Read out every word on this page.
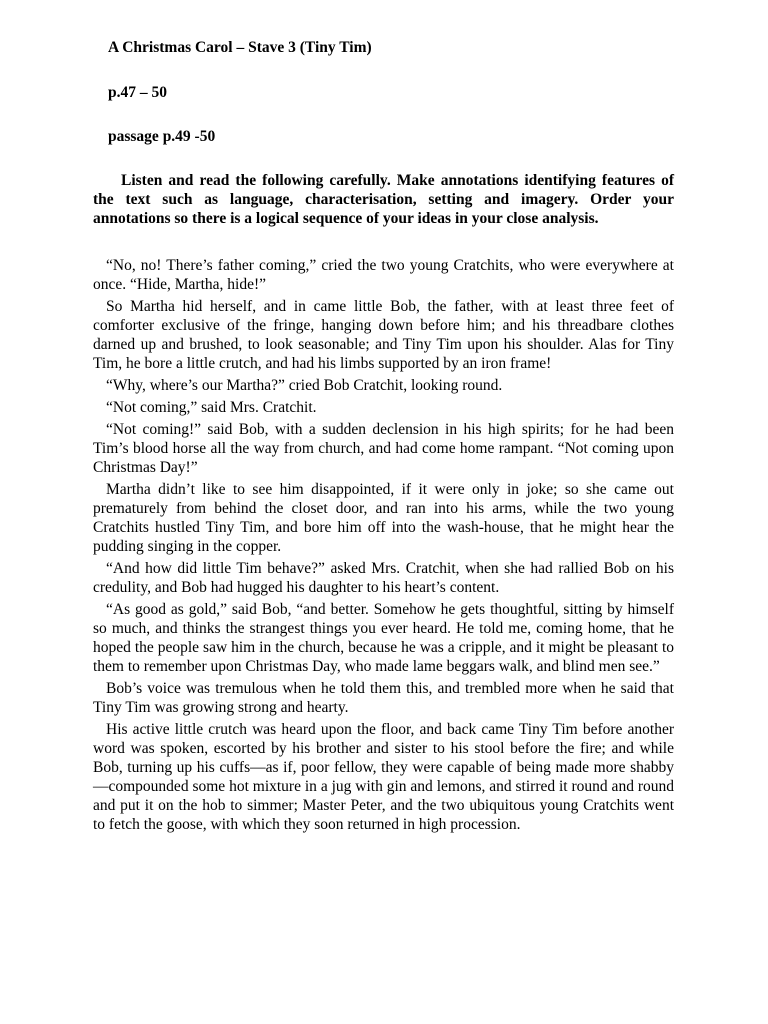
A Christmas Carol – Stave 3 (Tiny Tim)

p.47 – 50

passage p.49 -50

Listen and read the following carefully. Make annotations identifying features of the text such as language, characterisation, setting and imagery. Order your annotations so there is a logical sequence of your ideas in your close analysis.

“No, no! There’s father coming,” cried the two young Cratchits, who were everywhere at once. “Hide, Martha, hide!”

So Martha hid herself, and in came little Bob, the father, with at least three feet of comforter exclusive of the fringe, hanging down before him; and his threadbare clothes darned up and brushed, to look seasonable; and Tiny Tim upon his shoulder. Alas for Tiny Tim, he bore a little crutch, and had his limbs supported by an iron frame!

“Why, where’s our Martha?” cried Bob Cratchit, looking round.

“Not coming,” said Mrs. Cratchit.

“Not coming!” said Bob, with a sudden declension in his high spirits; for he had been Tim’s blood horse all the way from church, and had come home rampant. “Not coming upon Christmas Day!”

Martha didn’t like to see him disappointed, if it were only in joke; so she came out prematurely from behind the closet door, and ran into his arms, while the two young Cratchits hustled Tiny Tim, and bore him off into the wash-house, that he might hear the pudding singing in the copper.

“And how did little Tim behave?” asked Mrs. Cratchit, when she had rallied Bob on his credulity, and Bob had hugged his daughter to his heart’s content.

“As good as gold,” said Bob, “and better. Somehow he gets thoughtful, sitting by himself so much, and thinks the strangest things you ever heard. He told me, coming home, that he hoped the people saw him in the church, because he was a cripple, and it might be pleasant to them to remember upon Christmas Day, who made lame beggars walk, and blind men see.”

Bob’s voice was tremulous when he told them this, and trembled more when he said that Tiny Tim was growing strong and hearty.

His active little crutch was heard upon the floor, and back came Tiny Tim before another word was spoken, escorted by his brother and sister to his stool before the fire; and while Bob, turning up his cuffs—as if, poor fellow, they were capable of being made more shabby—compounded some hot mixture in a jug with gin and lemons, and stirred it round and round and put it on the hob to simmer; Master Peter, and the two ubiquitous young Cratchits went to fetch the goose, with which they soon returned in high procession.
